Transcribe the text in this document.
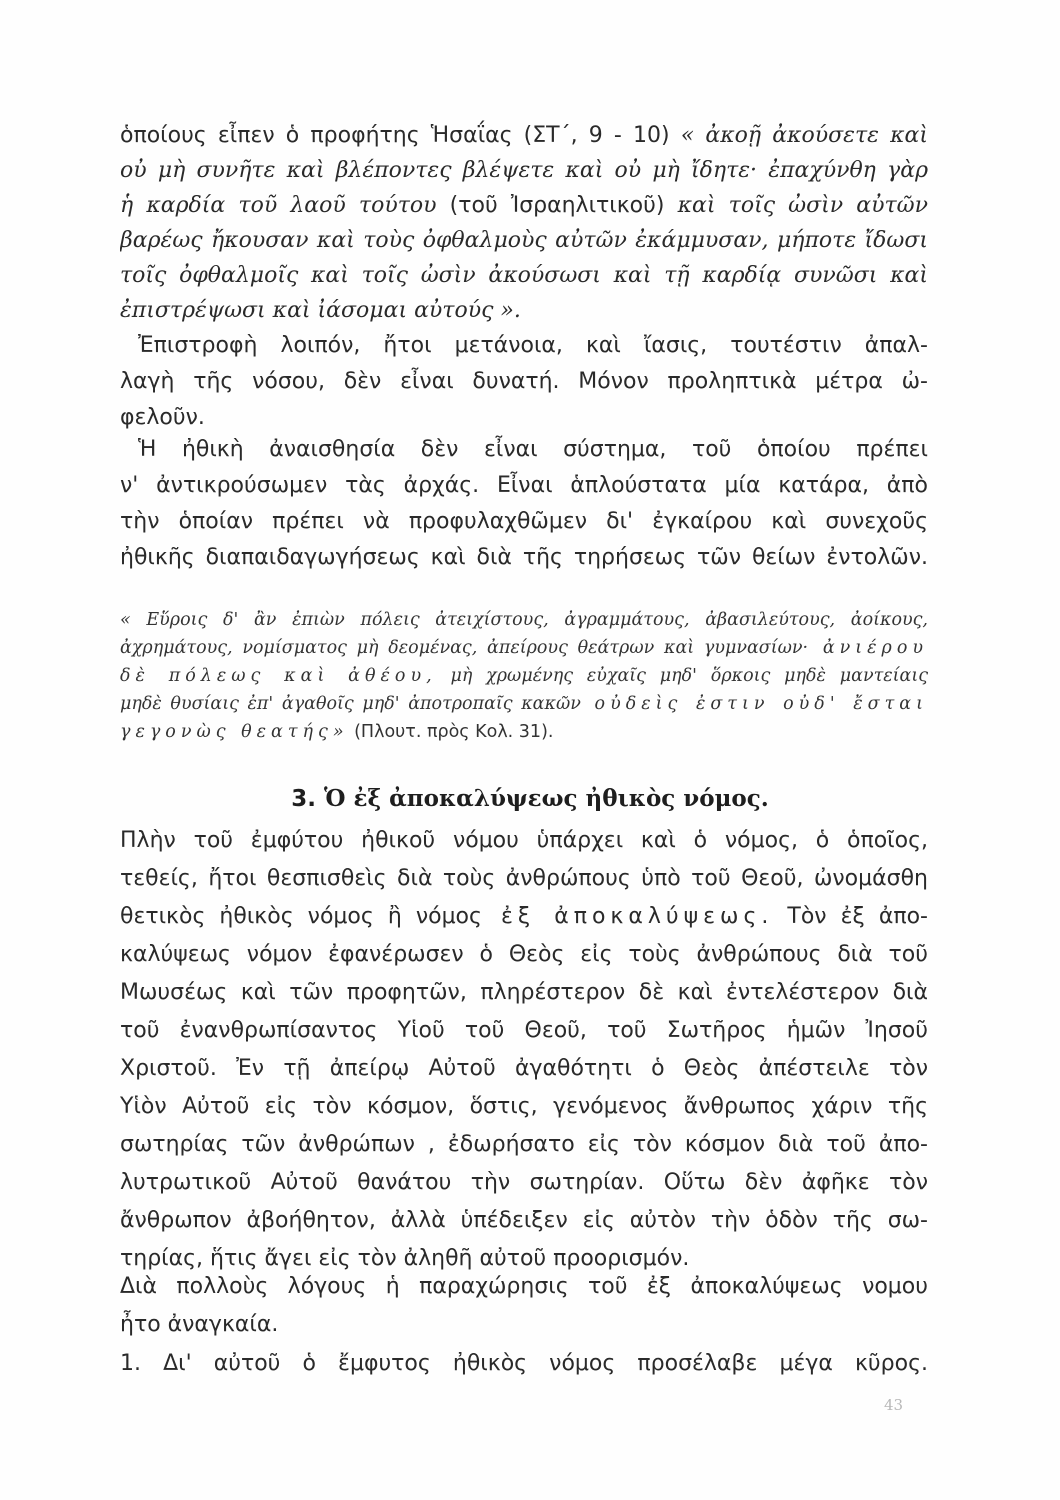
ὁποίους εἶπεν ὁ προφήτης Ἡσαΐας (ΣΤ΄, 9 - 10) « ἀκοῇ ἀκούσετε καὶ
οὐ μὴ συνῆτε καὶ βλέποντες βλέψετε καὶ οὐ μὴ ἴδητε· ἐπαχύνθη γὰρ
ἡ καρδία τοῦ λαοῦ τούτου (τοῦ Ἰσραηλιτικοῦ) καὶ τοῖς ὠσὶν αὐτῶν
βαρέως ἤκουσαν καὶ τοὺς ὀφθαλμοὺς αὐτῶν ἐκάμμυσαν, μήποτε ἴδωσι
τοῖς ὀφθαλμοῖς καὶ τοῖς ὠσὶν ἀκούσωσι καὶ τῇ καρδίᾳ συνῶσι καὶ
ἐπιστρέψωσι καὶ ἰάσομαι αὐτούς ».
Ἐπιστροφὴ λοιπόν, ἤτοι μετάνοια, καὶ ἴασις, τουτέστιν ἀπαλ-
λαγὴ τῆς νόσου, δὲν εἶναι δυνατή. Μόνον προληπτικὰ μέτρα ὠ-
φελοῦν.
Ἡ ἠθικὴ ἀναισθησία δὲν εἶναι σύστημα, τοῦ ὁποίου πρέπει
ν' ἀντικρούσωμεν τὰς ἀρχάς. Εἶναι ἁπλούστατα μία κατάρα, ἀπὸ
τὴν ὁποίαν πρέπει νὰ προφυλαχθῶμεν δι' ἐγκαίρου καὶ συνεχοῦς
ἠθικῆς διαπαιδαγωγήσεως καὶ διὰ τῆς τηρήσεως τῶν θείων ἐντολῶν.
« Εὕροις δ' ἂν ἐπιὼν πόλεις ἀτειχίστους, ἀγραμμάτους, ἀβασιλεύτους, ἀοίκους,
ἀχρημάτους, νομίσματος μὴ δεομένας, ἀπείρους θεάτρων καὶ γυμνασίων· ἀνιέρου
δὲ πόλεως καὶ ἀθέου, μὴ χρωμένης εὐχαῖς μηδ' ὅρκοις μηδὲ μαντείαις
μηδὲ θυσίαις ἐπ' ἀγαθοῖς μηδ' ἀποτροπαῖς κακῶν οὐδεὶς ἐστιν οὐδ' ἔσται
γεγονὼς θεατής» (Πλουτ. πρὸς Κολ. 31).
3. Ὁ ἐξ ἀποκαλύψεως ἠθικὸς νόμος.
Πλὴν τοῦ ἐμφύτου ἠθικοῦ νόμου ὑπάρχει καὶ ὁ νόμος, ὁ ὁποῖος,
τεθείς, ἤτοι θεσπισθεὶς διὰ τοὺς ἀνθρώπους ὑπὸ τοῦ Θεοῦ, ὠνομάσθη
θετικὸς ἠθικὸς νόμος ἢ νόμος ἐξ ἀποκαλύψεως. Τὸν ἐξ ἀπο-
καλύψεως νόμον ἐφανέρωσεν ὁ Θεὸς εἰς τοὺς ἀνθρώπους διὰ τοῦ
Μωυσέως καὶ τῶν προφητῶν, πληρέστερον δὲ καὶ ἐντελέστερον διὰ
τοῦ ἐνανθρωπίσαντος Υἱοῦ τοῦ Θεοῦ, τοῦ Σωτῆρος ἡμῶν Ἰησοῦ
Χριστοῦ. Ἐν τῇ ἀπείρῳ Αὐτοῦ ἀγαθότητι ὁ Θεὸς ἀπέστειλε τὸν
Υἱὸν Αὐτοῦ εἰς τὸν κόσμον, ὅστις, γενόμενος ἄνθρωπος χάριν τῆς
σωτηρίας τῶν ἀνθρώπων , ἐδωρήσατο εἰς τὸν κόσμον διὰ τοῦ ἀπο-
λυτρωτικοῦ Αὐτοῦ θανάτου τὴν σωτηρίαν. Οὕτω δὲν ἀφῆκε τὸν
ἄνθρωπον ἀβοήθητον, ἀλλὰ ὑπέδειξεν εἰς αὐτὸν τὴν ὁδὸν τῆς σω-
τηρίας, ἥτις ἄγει εἰς τὸν ἀληθῆ αὐτοῦ προορισμόν.
Διὰ πολλοὺς λόγους ἡ παραχώρησις τοῦ ἐξ ἀποκαλύψεως νομου
ἦτο ἀναγκαία.
1. Δι' αὐτοῦ ὁ ἔμφυτος ἠθικὸς νόμος προσέλαβε μέγα κῦρος.
43
